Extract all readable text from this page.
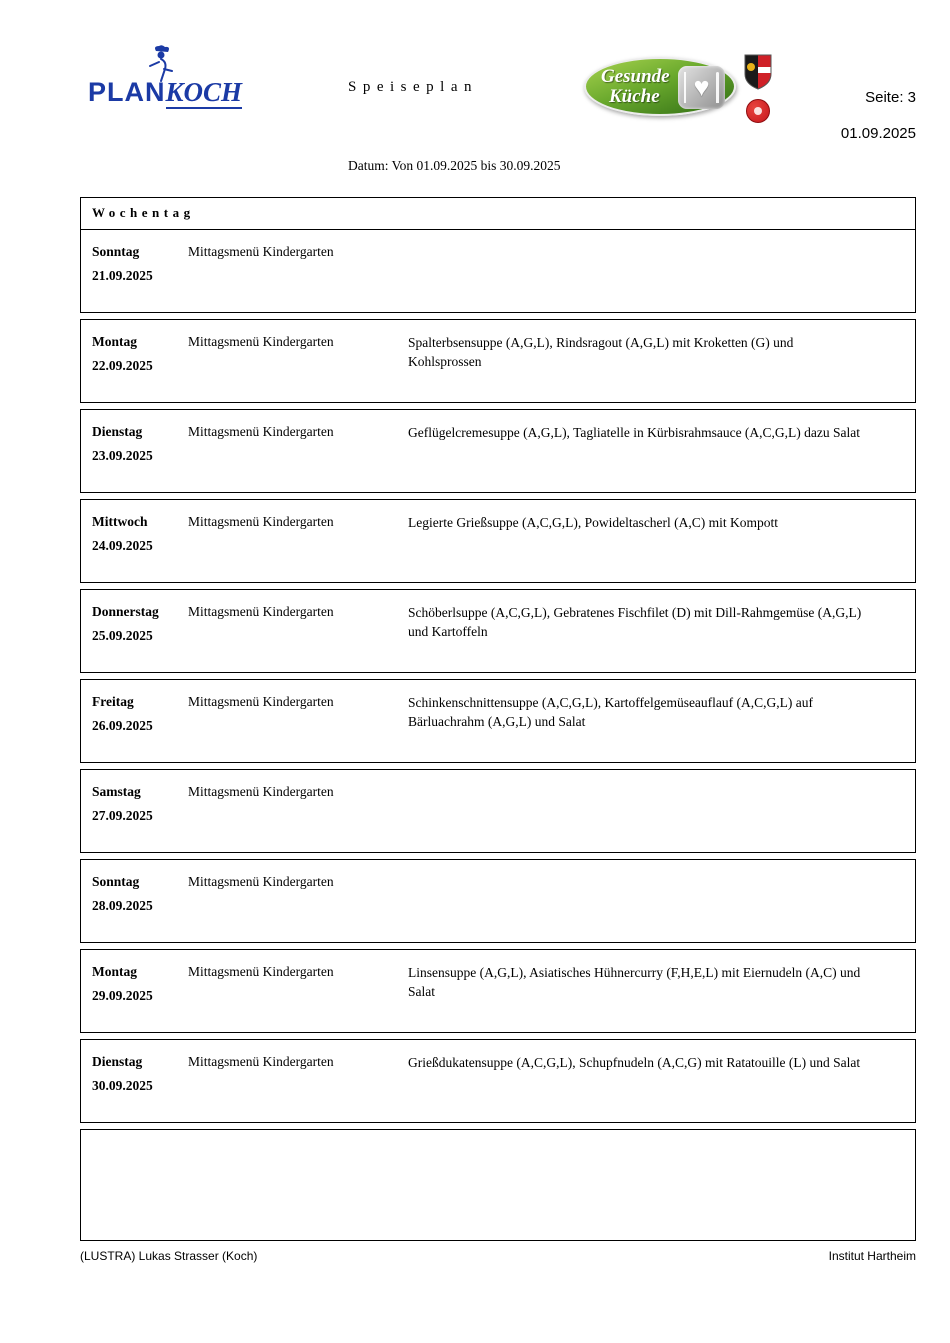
PLANKOCH	Speiseplan	Gesunde
Küche	♥	Seite: 3
01.09.2025
Datum: Von 01.09.2025 bis 30.09.2025
Wochentag
Sonntag
21.09.2025
Mittagsmenü Kindergarten
Montag
22.09.2025
Mittagsmenü Kindergarten	Spalterbsensuppe (A,G,L), Rindsragout (A,G,L) mit Kroketten (G) und Kohlsprossen
Dienstag
23.09.2025
Mittagsmenü Kindergarten	Geflügelcremesuppe (A,G,L), Tagliatelle in Kürbisrahmsauce (A,C,G,L) dazu Salat
Mittwoch
24.09.2025
Mittagsmenü Kindergarten	Legierte Grießsuppe (A,C,G,L), Powideltascherl (A,C) mit Kompott
Donnerstag
25.09.2025
Mittagsmenü Kindergarten	Schöberlsuppe (A,C,G,L), Gebratenes Fischfilet (D) mit Dill-Rahmgemüse (A,G,L) und Kartoffeln
Freitag
26.09.2025
Mittagsmenü Kindergarten	Schinkenschnittensuppe (A,C,G,L), Kartoffelgemüseauflauf (A,C,G,L) auf Bärluachrahm (A,G,L) und Salat
Samstag
27.09.2025
Mittagsmenü Kindergarten
Sonntag
28.09.2025
Mittagsmenü Kindergarten
Montag
29.09.2025
Mittagsmenü Kindergarten	Linsensuppe (A,G,L), Asiatisches Hühnercurry (F,H,E,L) mit Eiernudeln (A,C) und Salat
Dienstag
30.09.2025
Mittagsmenü Kindergarten	Grießdukatensuppe (A,C,G,L), Schupfnudeln (A,C,G) mit Ratatouille (L) und Salat
(LUSTRA) Lukas Strasser (Koch)	Institut Hartheim
